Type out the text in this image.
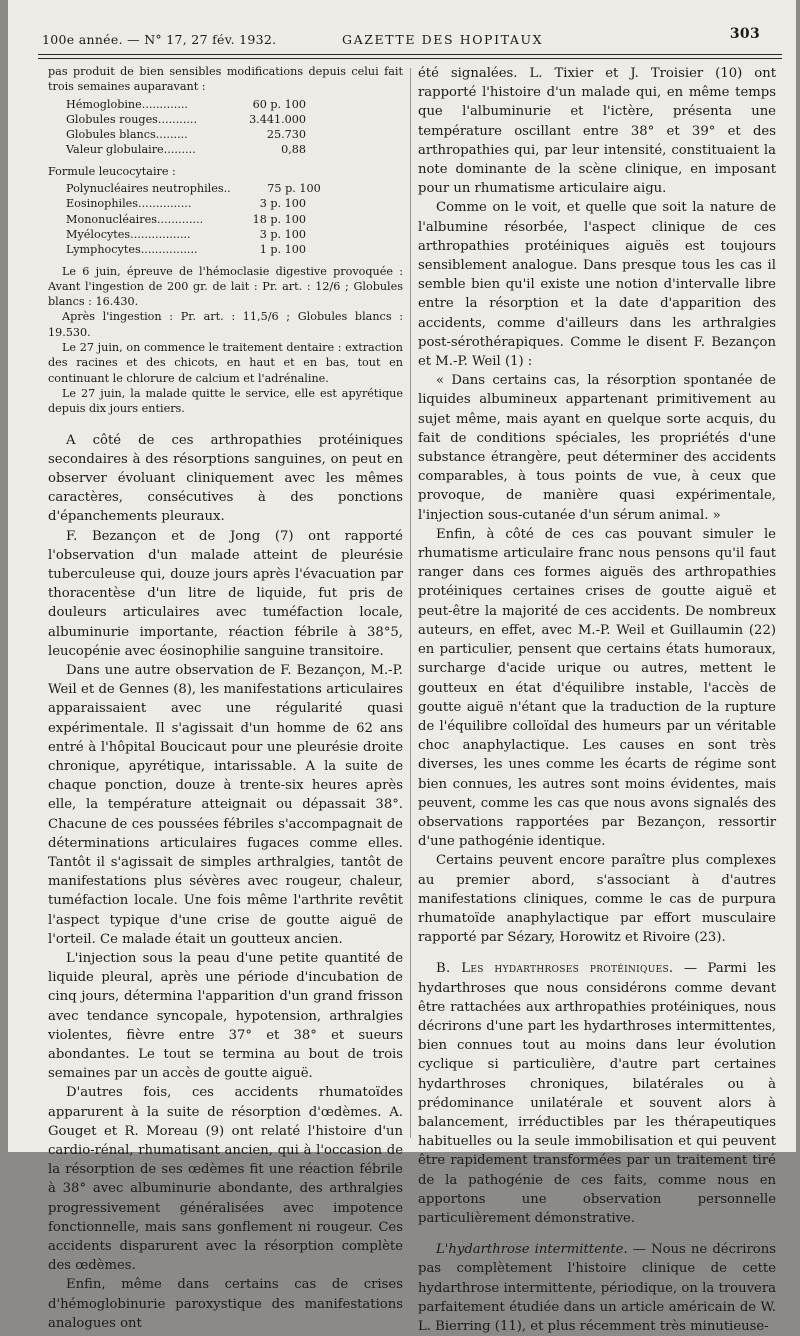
100e année. — N° 17, 27 fév. 1932.	GAZETTE DES HOPITAUX	303

pas produit de bien sensibles modifications depuis celui fait trois semaines auparavant :

Hémoglobine.............	60 p. 100
Globules rouges...........	3.441.000
Globules blancs.........	25.730
Valeur globulaire.........	0,88

Formule leucocytaire :

Polynucléaires neutrophiles..	75 p. 100
Eosinophiles...............	3 p. 100
Mononucléaires.............	18 p. 100
Myélocytes.................	3 p. 100
Lymphocytes................	1 p. 100

Le 6 juin, épreuve de l'hémoclasie digestive provoquée : Avant l'ingestion de 200 gr. de lait : Pr. art. : 12/6 ; Globules blancs : 16.430.

Après l'ingestion : Pr. art. : 11,5/6 ; Globules blancs : 19.530.

Le 27 juin, on commence le traitement dentaire : extraction des racines et des chicots, en haut et en bas, tout en continuant le chlorure de calcium et l'adrénaline.

Le 27 juin, la malade quitte le service, elle est apyrétique depuis dix jours entiers.

A côté de ces arthropathies protéiniques secondaires à des résorptions sanguines, on peut en observer évoluant cliniquement avec les mêmes caractères, consécutives à des ponctions d'épanchements pleuraux.

F. Bezançon et de Jong (7) ont rapporté l'observation d'un malade atteint de pleurésie tuberculeuse qui, douze jours après l'évacuation par thoracentèse d'un litre de liquide, fut pris de douleurs articulaires avec tuméfaction locale, albuminurie importante, réaction fébrile à 38°5, leucopénie avec éosinophilie sanguine transitoire.

Dans une autre observation de F. Bezançon, M.-P. Weil et de Gennes (8), les manifestations articulaires apparaissaient avec une régularité quasi expérimentale. Il s'agissait d'un homme de 62 ans entré à l'hôpital Boucicaut pour une pleurésie droite chronique, apyrétique, intarissable. A la suite de chaque ponction, douze à trente-six heures après elle, la température atteignait ou dépassait 38°. Chacune de ces poussées fébriles s'accompagnait de déterminations articulaires fugaces comme elles. Tantôt il s'agissait de simples arthralgies, tantôt de manifestations plus sévères avec rougeur, chaleur, tuméfaction locale. Une fois même l'arthrite revêtit l'aspect typique d'une crise de goutte aiguë de l'orteil. Ce malade était un goutteux ancien.

L'injection sous la peau d'une petite quantité de liquide pleural, après une période d'incubation de cinq jours, détermina l'apparition d'un grand frisson avec tendance syncopale, hypotension, arthralgies violentes, fièvre entre 37° et 38° et sueurs abondantes. Le tout se termina au bout de trois semaines par un accès de goutte aiguë.

D'autres fois, ces accidents rhumatoïdes apparurent à la suite de résorption d'œdèmes. A. Gouget et R. Moreau (9) ont relaté l'histoire d'un cardio-rénal, rhumatisant ancien, qui à l'occasion de la résorption de ses œdèmes fit une réaction fébrile à 38° avec albuminurie abondante, des arthralgies progressivement généralisées avec impotence fonctionnelle, mais sans gonflement ni rougeur. Ces accidents disparurent avec la résorption complète des œdèmes.

Enfin, même dans certains cas de crises d'hémoglobinurie paroxystique des manifestations analogues ont

été signalées. L. Tixier et J. Troisier (10) ont rapporté l'histoire d'un malade qui, en même temps que l'albuminurie et l'ictère, présenta une température oscillant entre 38° et 39° et des arthropathies qui, par leur intensité, constituaient la note dominante de la scène clinique, en imposant pour un rhumatisme articulaire aigu.

Comme on le voit, et quelle que soit la nature de l'albumine résorbée, l'aspect clinique de ces arthropathies protéiniques aiguës est toujours sensiblement analogue. Dans presque tous les cas il semble bien qu'il existe une notion d'intervalle libre entre la résorption et la date d'apparition des accidents, comme d'ailleurs dans les arthralgies post-sérothérapiques. Comme le disent F. Bezançon et M.-P. Weil (1) :

« Dans certains cas, la résorption spontanée de liquides albumineux appartenant primitivement au sujet même, mais ayant en quelque sorte acquis, du fait de conditions spéciales, les propriétés d'une substance étrangère, peut déterminer des accidents comparables, à tous points de vue, à ceux que provoque, de manière quasi expérimentale, l'injection sous-cutanée d'un sérum animal. »

Enfin, à côté de ces cas pouvant simuler le rhumatisme articulaire franc nous pensons qu'il faut ranger dans ces formes aiguës des arthropathies protéiniques certaines crises de goutte aiguë et peut-être la majorité de ces accidents. De nombreux auteurs, en effet, avec M.-P. Weil et Guillaumin (22) en particulier, pensent que certains états humoraux, surcharge d'acide urique ou autres, mettent le goutteux en état d'équilibre instable, l'accès de goutte aiguë n'étant que la traduction de la rupture de l'équilibre colloïdal des humeurs par un véritable choc anaphylactique. Les causes en sont très diverses, les unes comme les écarts de régime sont bien connues, les autres sont moins évidentes, mais peuvent, comme les cas que nous avons signalés des observations rapportées par Bezançon, ressortir d'une pathogénie identique.

Certains peuvent encore paraître plus complexes au premier abord, s'associant à d'autres manifestations cliniques, comme le cas de purpura rhumatoïde anaphylactique par effort musculaire rapporté par Sézary, Horowitz et Rivoire (23).

B. Les hydarthroses protéiniques. — Parmi les hydarthroses que nous considérons comme devant être rattachées aux arthropathies protéiniques, nous décrirons d'une part les hydarthroses intermittentes, bien connues tout au moins dans leur évolution cyclique si particulière, d'autre part certaines hydarthroses chroniques, bilatérales ou à prédominance unilatérale et souvent alors à balancement, irréductibles par les thérapeutiques habituelles ou la seule immobilisation et qui peuvent être rapidement transformées par un traitement tiré de la pathogénie de ces faits, comme nous en apportons une observation personnelle particulièrement démonstrative.

L'hydarthrose intermittente. — Nous ne décrirons pas complètement l'histoire clinique de cette hydarthrose intermittente, périodique, on la trouvera parfaitement étudiée dans un article américain de W. L. Bierring (11), et plus récemment très minutieuse-
